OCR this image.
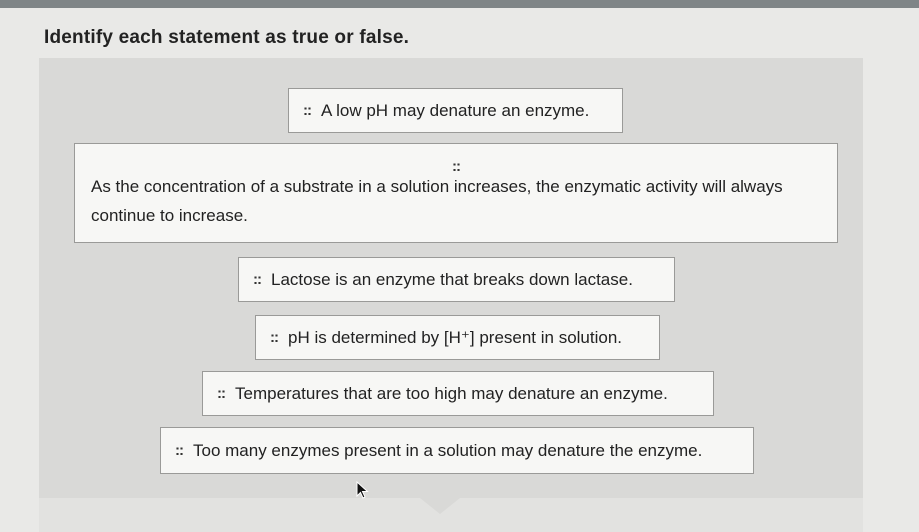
Identify each statement as true or false.
:: A low pH may denature an enzyme.
::
As the concentration of a substrate in a solution increases, the enzymatic activity will always continue to increase.
:: Lactose is an enzyme that breaks down lactase.
:: pH is determined by [H⁺] present in solution.
:: Temperatures that are too high may denature an enzyme.
:: Too many enzymes present in a solution may denature the enzyme.
